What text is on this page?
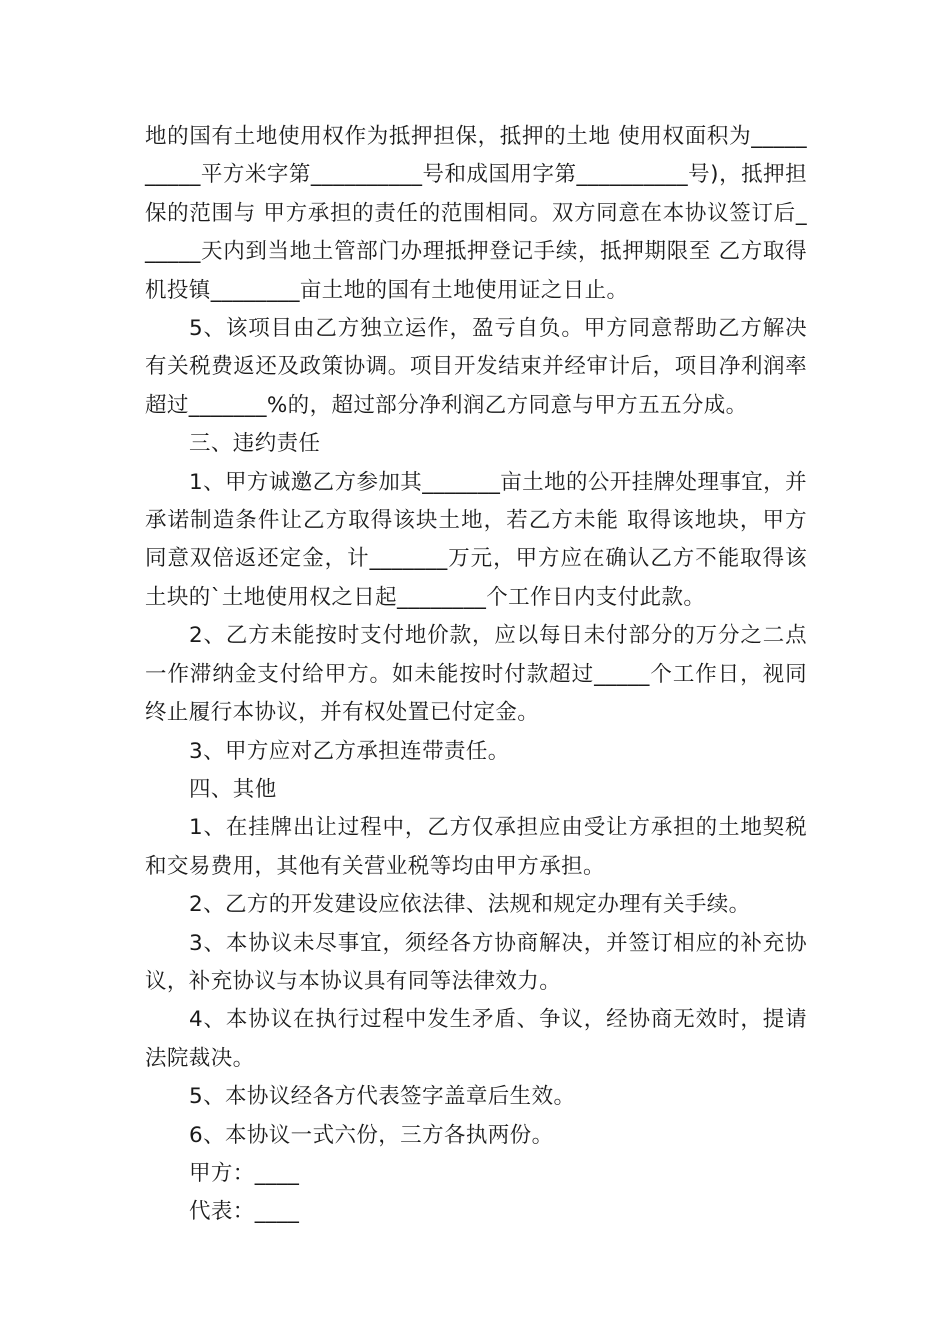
地的国有土地使用权作为抵押担保，抵押的土地 使用权面积为__________平方米字第__________号和成国用字第__________号)，抵押担保的范围与 甲方承担的责任的范围相同。双方同意在本协议签订后______天内到当地土管部门办理抵押登记手续，抵押期限至 乙方取得机投镇________亩土地的国有土地使用证之日止。

5、该项目由乙方独立运作，盈亏自负。甲方同意帮助乙方解决有关税费返还及政策协调。项目开发结束并经审计后，项目净利润率超过_______%的，超过部分净利润乙方同意与甲方五五分成。

三、违约责任

1、甲方诚邀乙方参加其_______亩土地的公开挂牌处理事宜，并承诺制造条件让乙方取得该块土地，若乙方未能 取得该地块，甲方同意双倍返还定金，计_______万元，甲方应在确认乙方不能取得该土块的`土地使用权之日起________个工作日内支付此款。

2、乙方未能按时支付地价款，应以每日未付部分的万分之二点一作滞纳金支付给甲方。如未能按时付款超过_____个工作日，视同终止履行本协议，并有权处置已付定金。

3、甲方应对乙方承担连带责任。

四、其他

1、在挂牌出让过程中，乙方仅承担应由受让方承担的土地契税和交易费用，其他有关营业税等均由甲方承担。

2、乙方的开发建设应依法律、法规和规定办理有关手续。

3、本协议未尽事宜，须经各方协商解决，并签订相应的补充协议，补充协议与本协议具有同等法律效力。

4、本协议在执行过程中发生矛盾、争议，经协商无效时，提请法院裁决。

5、本协议经各方代表签字盖章后生效。

6、本协议一式六份，三方各执两份。

甲方：____

代表：____
